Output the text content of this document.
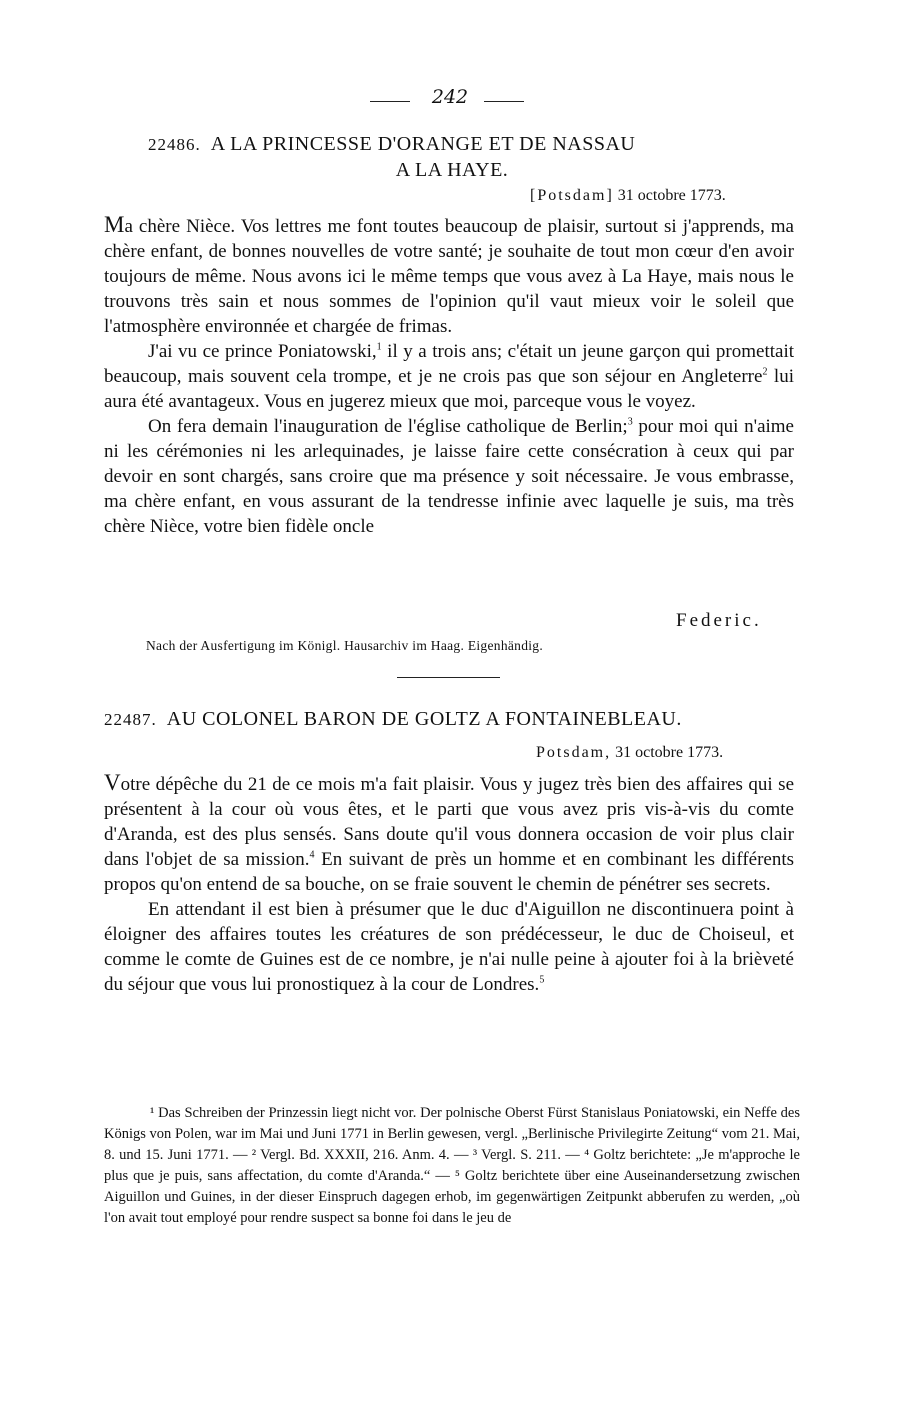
242
22486. A LA PRINCESSE D'ORANGE ET DE NASSAU
A LA HAYE.
[Potsdam] 31 octobre 1773.

Ma chère Nièce. Vos lettres me font toutes beaucoup de plaisir, surtout si j'apprends, ma chère enfant, de bonnes nouvelles de votre santé; je souhaite de tout mon cœur d'en avoir toujours de même. Nous avons ici le même temps que vous avez à La Haye, mais nous le trouvons très sain et nous sommes de l'opinion qu'il vaut mieux voir le soleil que l'atmosphère environnée et chargée de frimas.

J'ai vu ce prince Poniatowski,$^1$ il y a trois ans; c'était un jeune garçon qui promettait beaucoup, mais souvent cela trompe, et je ne crois pas que son séjour en Angleterre$^2$ lui aura été avantageux. Vous en jugerez mieux que moi, parceque vous le voyez.

On fera demain l'inauguration de l'église catholique de Berlin;$^3$ pour moi qui n'aime ni les cérémonies ni les arlequinades, je laisse faire cette consécration à ceux qui par devoir en sont chargés, sans croire que ma présence y soit nécessaire. Je vous embrasse, ma chère enfant, en vous assurant de la tendresse infinie avec laquelle je suis, ma très chère Nièce, votre bien fidèle oncle

Federic.
Nach der Ausfertigung im Königl. Hausarchiv im Haag. Eigenhändig.
22487. AU COLONEL BARON DE GOLTZ A FONTAINEBLEAU.
Potsdam, 31 octobre 1773.

Votre dépêche du 21 de ce mois m'a fait plaisir. Vous y jugez très bien des affaires qui se présentent à la cour où vous êtes, et le parti que vous avez pris vis-à-vis du comte d'Aranda, est des plus sensés. Sans doute qu'il vous donnera occasion de voir plus clair dans l'objet de sa mission.$^4$ En suivant de près un homme et en combinant les différents propos qu'on entend de sa bouche, on se fraie souvent le chemin de pénétrer ses secrets.

En attendant il est bien à présumer que le duc d'Aiguillon ne discontinuera point à éloigner des affaires toutes les créatures de son prédécesseur, le duc de Choiseul, et comme le comte de Guines est de ce nombre, je n'ai nulle peine à ajouter foi à la brièveté du séjour que vous lui pronostiquez à la cour de Londres.$^5$

¹ Das Schreiben der Prinzessin liegt nicht vor. Der polnische Oberst Fürst Stanislaus Poniatowski, ein Neffe des Königs von Polen, war im Mai und Juni 1771 in Berlin gewesen, vergl. „Berlinische Privilegirte Zeitung“ vom 21. Mai, 8. und 15. Juni 1771. — ² Vergl. Bd. XXXII, 216. Anm. 4. — ³ Vergl. S. 211. — ⁴ Goltz berichtete: „Je m'approche le plus que je puis, sans affectation, du comte d'Aranda.“ — ⁵ Goltz berichtete über eine Auseinandersetzung zwischen Aiguillon und Guines, in der dieser Einspruch dagegen erhob, im gegenwärtigen Zeitpunkt abberufen zu werden, „où l'on avait tout employé pour rendre suspect sa bonne foi dans le jeu de
